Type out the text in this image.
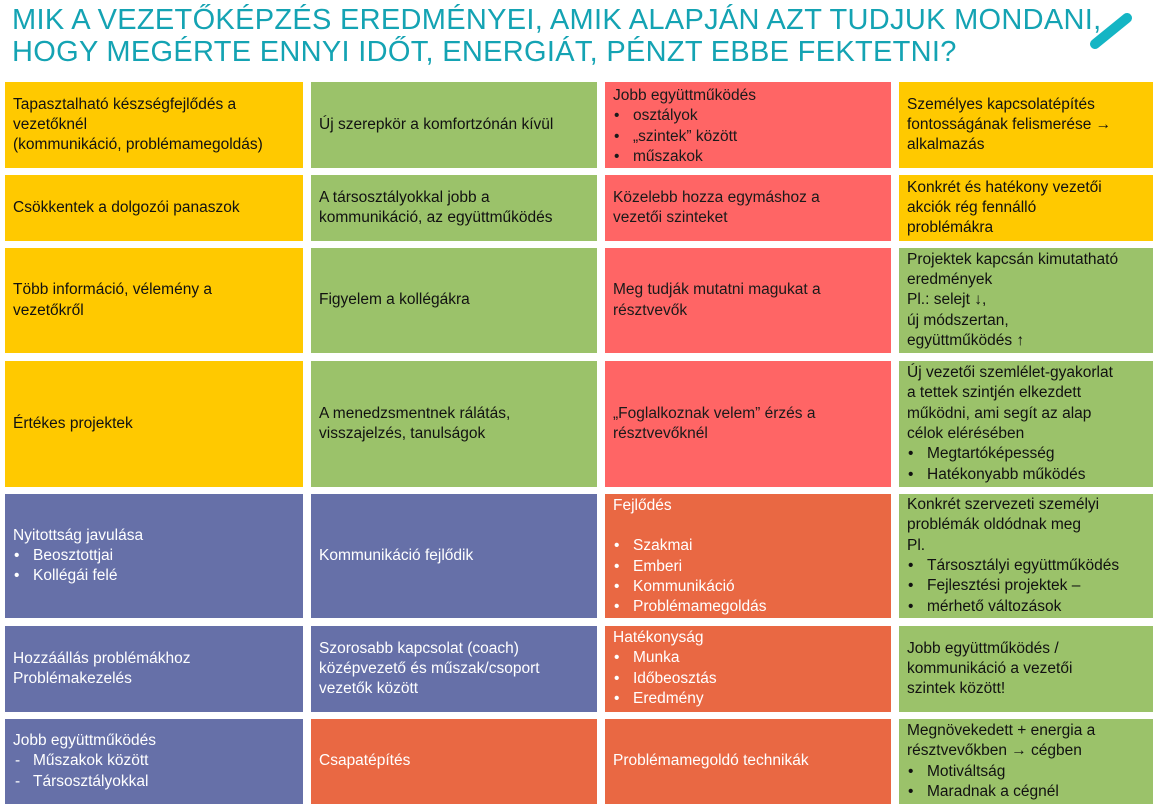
MIK A VEZETŐKÉPZÉS EREDMÉNYEI, AMIK ALAPJÁN AZT TUDJUK MONDANI,
HOGY MEGÉRTE ENNYI IDŐT, ENERGIÁT, PÉNZT EBBE FEKTETNI?
Tapasztalható készségfejlődés a
vezetőknél
(kommunikáció, problémamegoldás)
Új szerepkör a komfortzónán kívül
Jobb együttműködés
• osztályok
• „szintek” között
• műszakok
Személyes kapcsolatépítés
fontosságának felismerése →
alkalmazás
Csökkentek a dolgozói panaszok
A társosztályokkal jobb a
kommunikáció, az együttműködés
Közelebb hozza egymáshoz a
vezetői szinteket
Konkrét és hatékony vezetői
akciók rég fennálló
problémákra
Több információ, vélemény a
vezetőkről
Figyelem a kollégákra
Meg tudják mutatni magukat a
résztvevők
Projektek kapcsán kimutatható
eredmények
Pl.: selejt ↓,
új módszertan,
együttműködés ↑
Értékes projektek
A menedzsmentnek rálátás,
visszajelzés, tanulságok
„Foglalkoznak velem” érzés a
résztvevőknél
Új vezetői szemlélet-gyakorlat
a tettek szintjén elkezdett
működni, ami segít az alap
célok elérésében
• Megtartóképesség
• Hatékonyabb működés
Nyitottság javulása
• Beosztottjai
• Kollégái felé
Kommunikáció fejlődik
Fejlődés
• Szakmai
• Emberi
• Kommunikáció
• Problémamegoldás
Konkrét szervezeti személyi
problémák oldódnak meg
Pl.
• Társosztályi együttműködés
• Fejlesztési projektek –
• mérhető változások
Hozzáállás problémákhoz
Problémakezelés
Szorosabb kapcsolat (coach)
középvezető és műszak/csoport
vezetők között
Hatékonyság
• Munka
• Időbeosztás
• Eredmény
Jobb együttműködés /
kommunikáció a vezetői
szintek között!
Jobb együttműködés
- Műszakok között
- Társosztályokkal
Csapatépítés	Problémamegoldó technikák
Megnövekedett + energia a
résztvevőkben → cégben
• Motiváltság
• Maradnak a cégnél
